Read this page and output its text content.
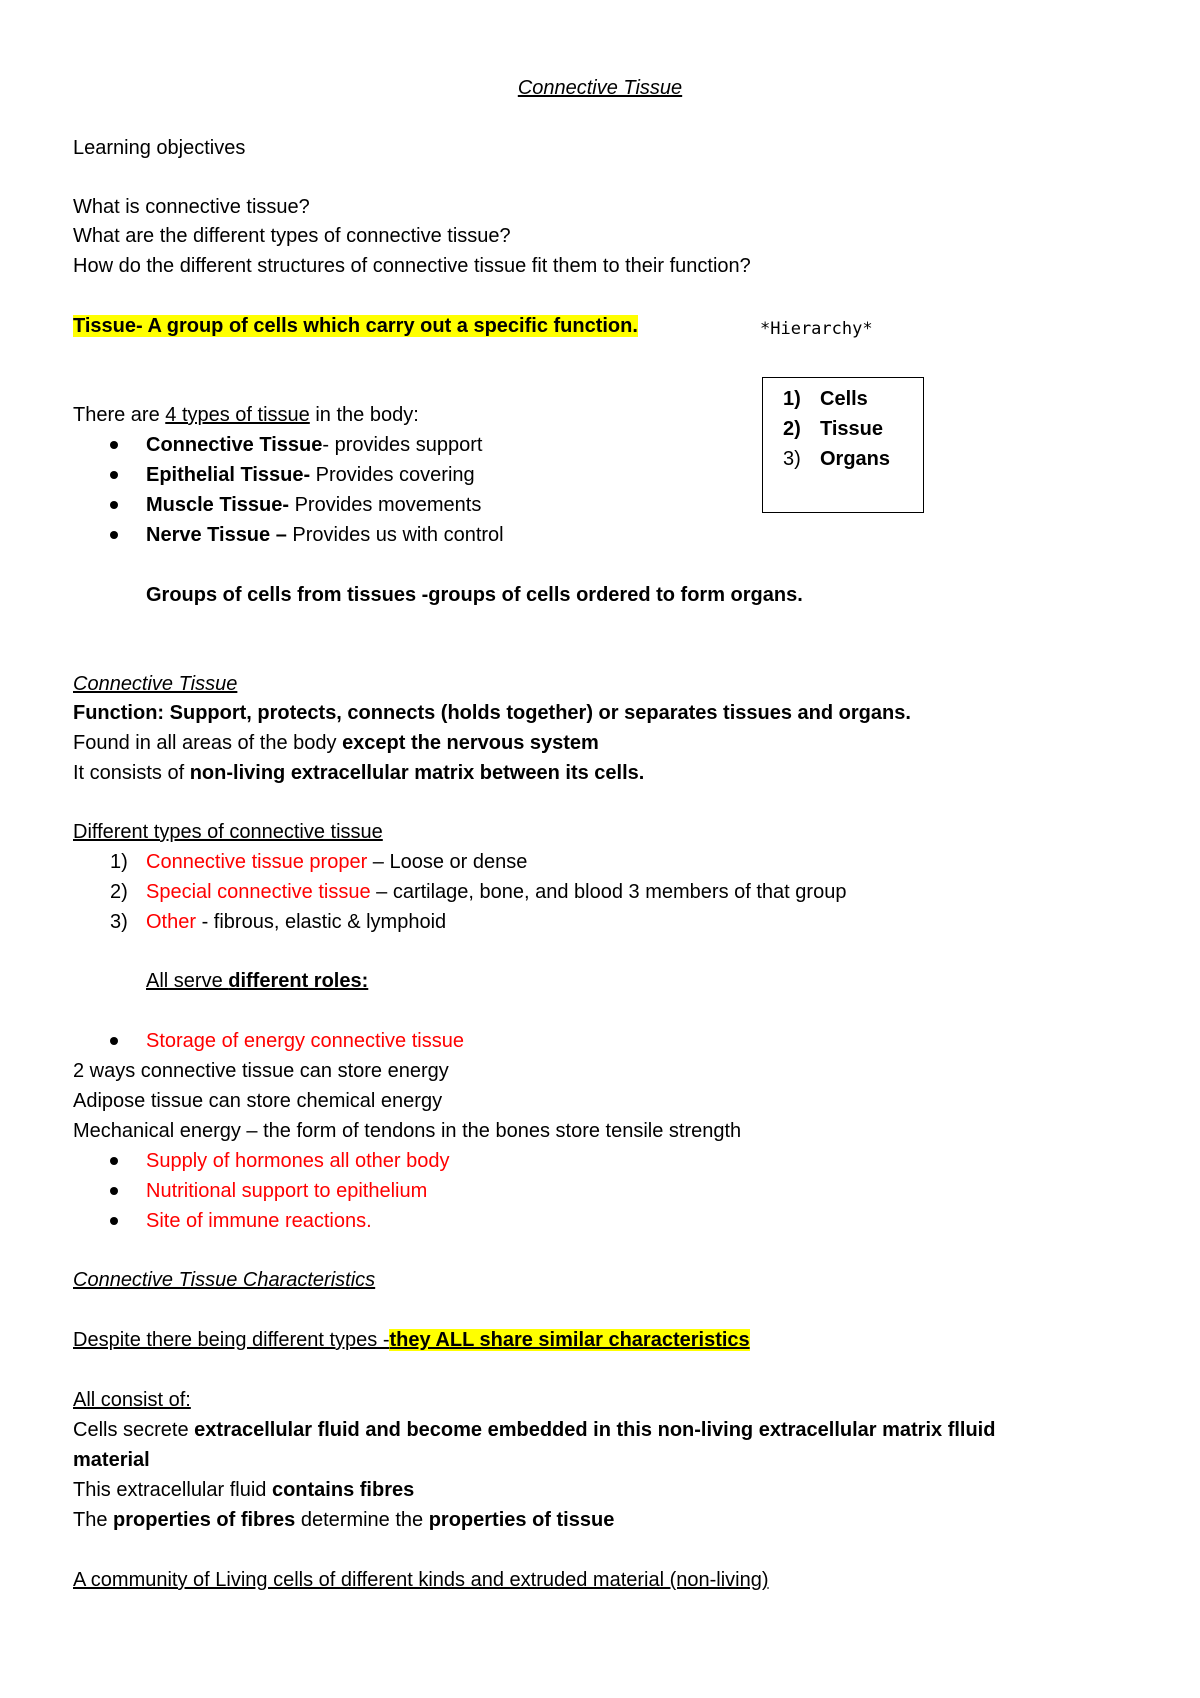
Connective Tissue
Learning objectives
What is connective tissue?
What are the different types of connective tissue?
How do the different structures of connective tissue fit them to their function?
Tissue- A group of cells which carry out a specific function.	*Hierarchy*
1) Cells
2) Tissue
3) Organs
There are 4 types of tissue in the body:
Connective Tissue- provides support
Epithelial Tissue- Provides covering
Muscle Tissue- Provides movements
Nerve Tissue – Provides us with control
Groups of cells from tissues -groups of cells ordered to form organs.
Connective Tissue
Function: Support, protects, connects (holds together) or separates tissues and organs.
Found in all areas of the body except the nervous system
It consists of non-living extracellular matrix between its cells.
Different types of connective tissue
1) Connective tissue proper – Loose or dense
2) Special connective tissue – cartilage, bone, and blood 3 members of that group
3) Other - fibrous, elastic & lymphoid
All serve different roles:
Storage of energy connective tissue
2 ways connective tissue can store energy
Adipose tissue can store chemical energy
Mechanical energy – the form of tendons in the bones store tensile strength
Supply of hormones all other body
Nutritional support to epithelium
Site of immune reactions.
Connective Tissue Characteristics
Despite there being different types -they ALL share similar characteristics
All consist of:
Cells secrete extracellular fluid and become embedded in this non-living extracellular matrix flluid
material
This extracellular fluid contains fibres
The properties of fibres determine the properties of tissue
A community of Living cells of different kinds and extruded material (non-living)
